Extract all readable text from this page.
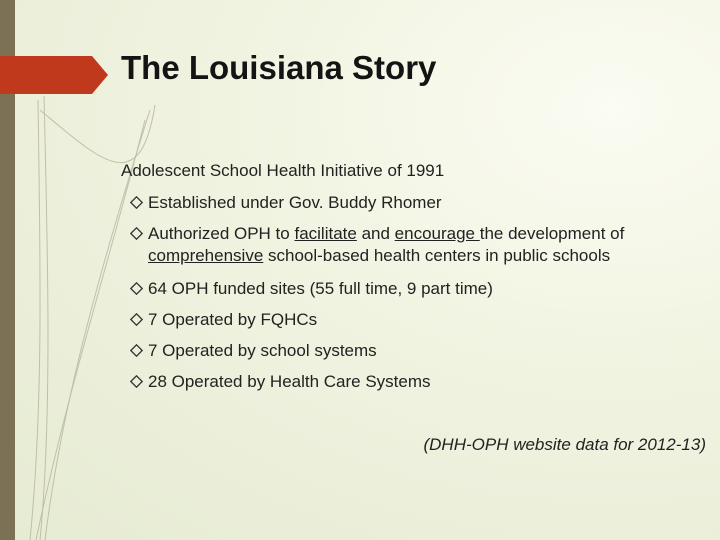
The Louisiana Story
Adolescent School Health Initiative of 1991
Established under Gov. Buddy Rhomer
Authorized OPH to facilitate and encourage the development of comprehensive school-based health centers in public schools
64 OPH funded sites (55 full time, 9 part time)
7 Operated by FQHCs
7 Operated by school systems
28 Operated by Health Care Systems
(DHH-OPH website data for 2012-13)
